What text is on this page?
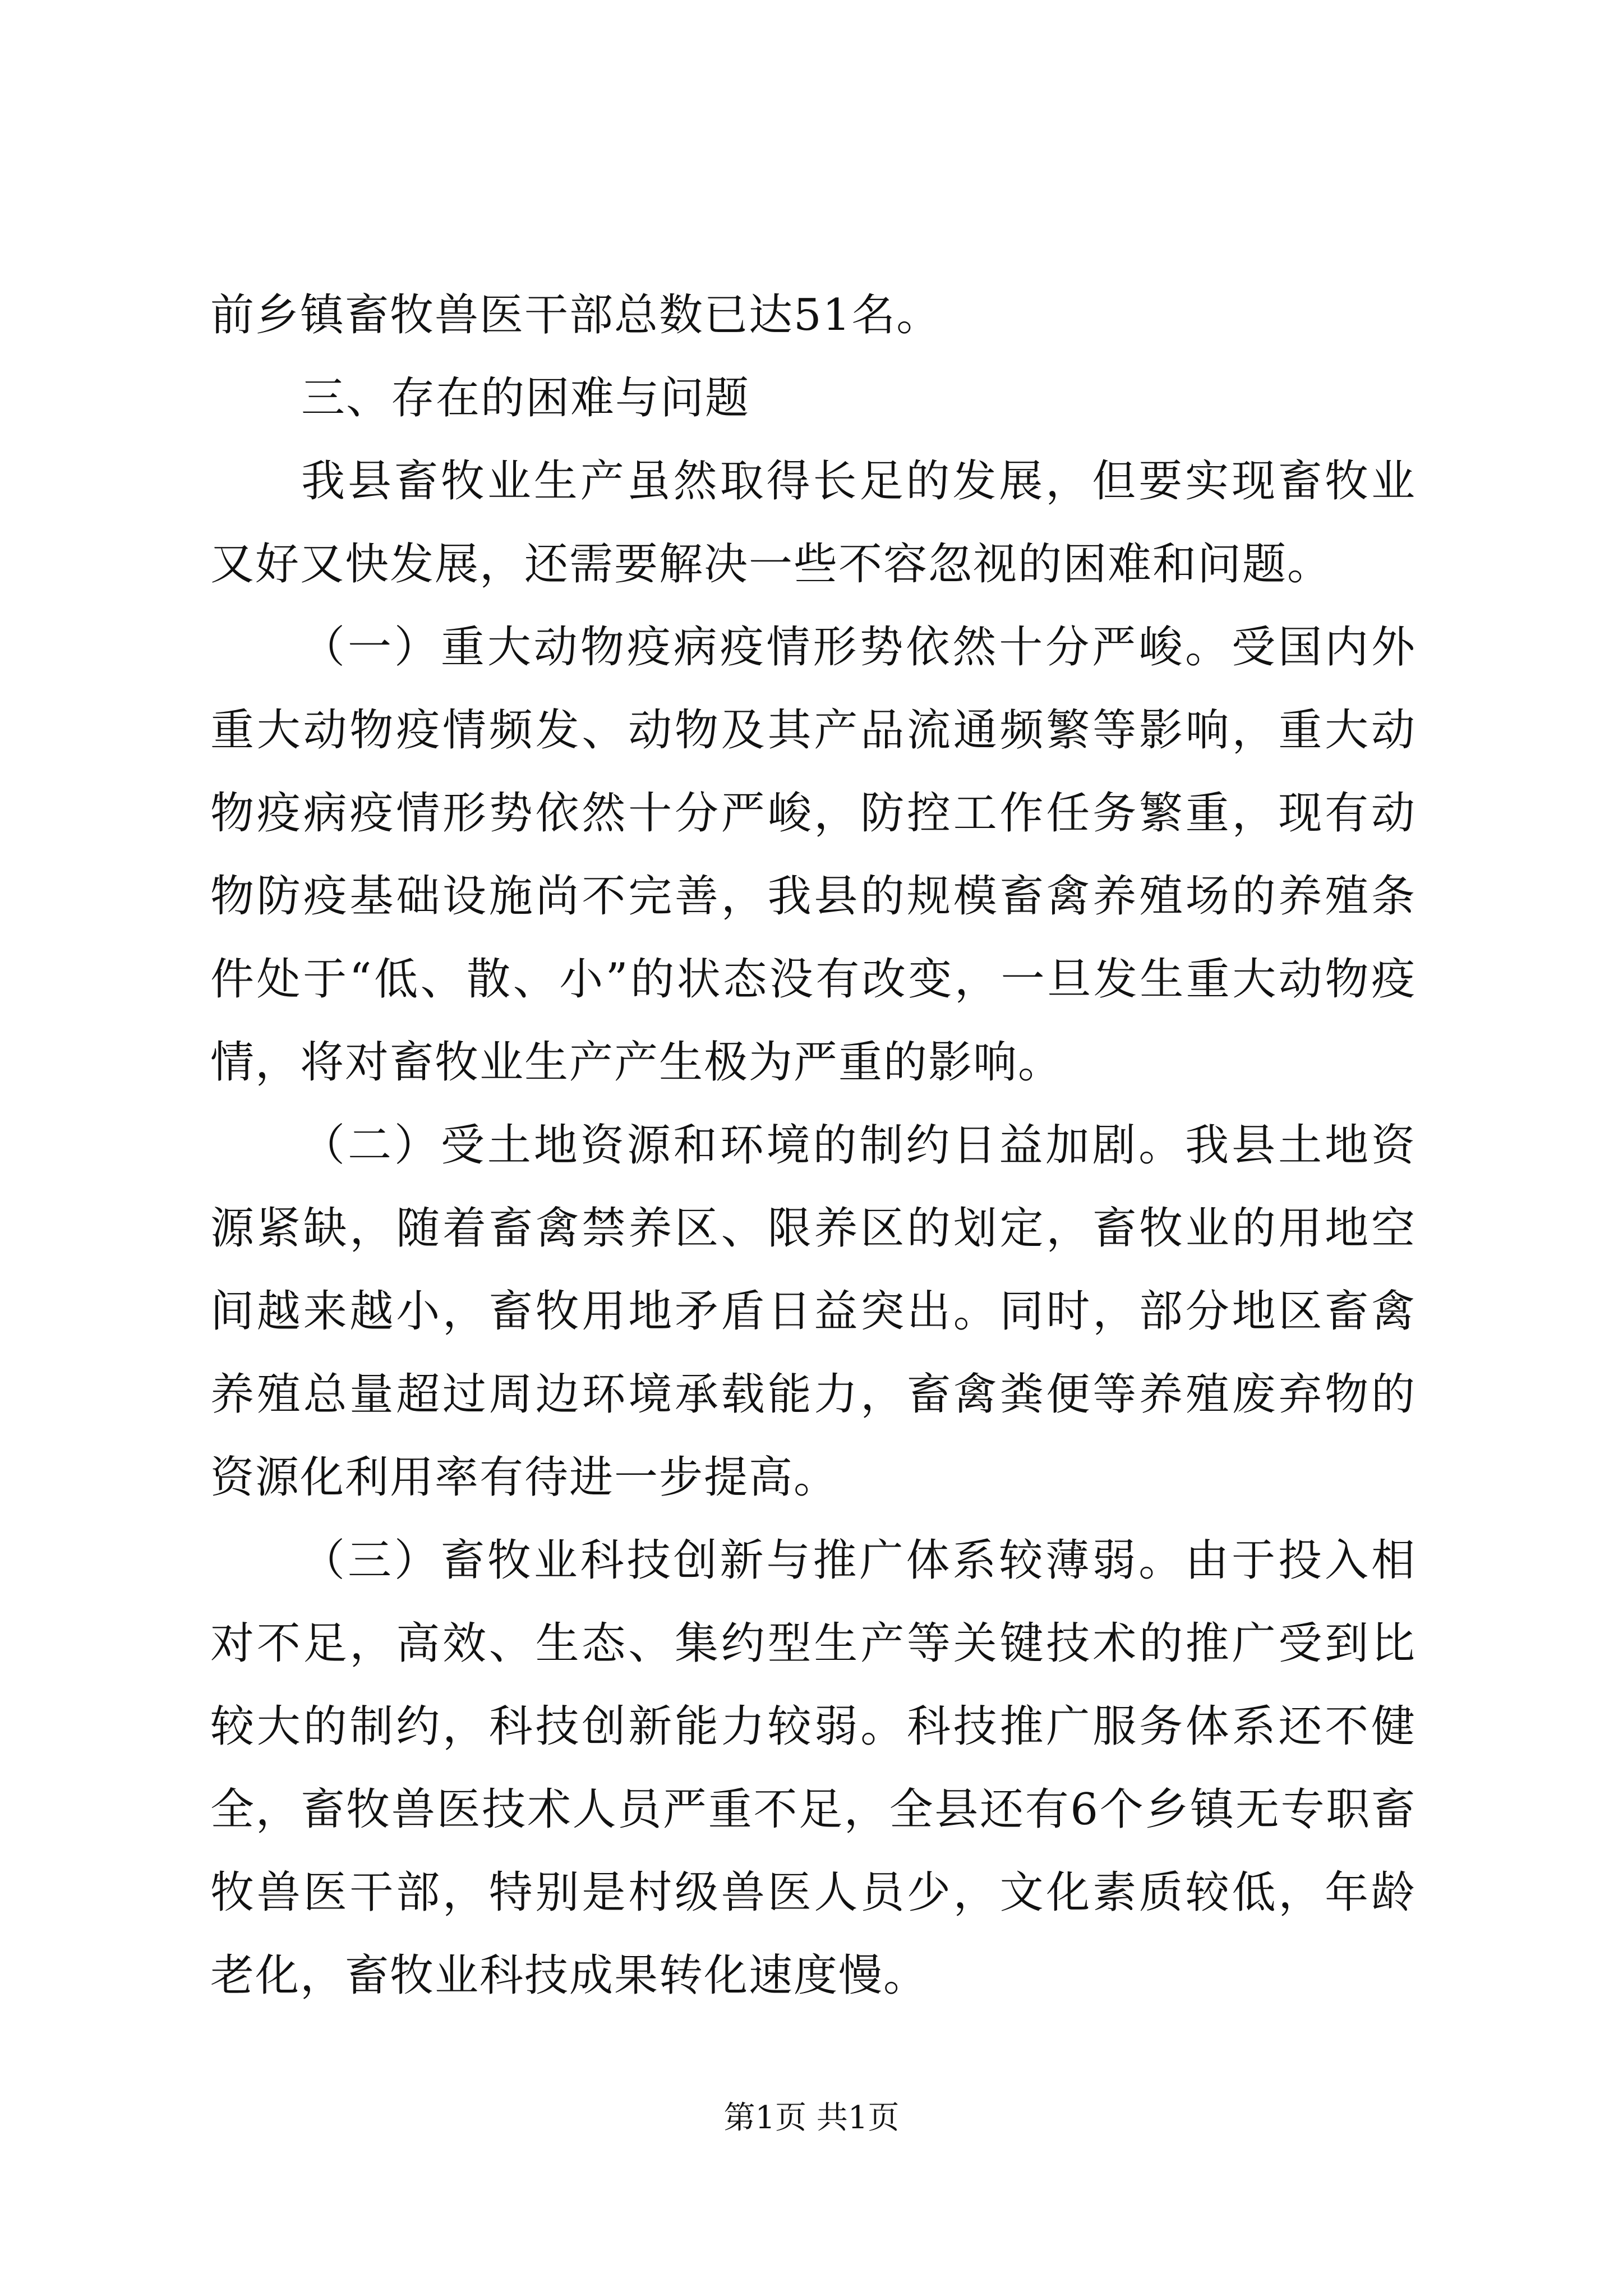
前乡镇畜牧兽医干部总数已达51名。

三、存在的困难与问题

我县畜牧业生产虽然取得长足的发展，但要实现畜牧业又好又快发展，还需要解决一些不容忽视的困难和问题。

（一）重大动物疫病疫情形势依然十分严峻。受国内外重大动物疫情频发、动物及其产品流通频繁等影响，重大动物疫病疫情形势依然十分严峻，防控工作任务繁重，现有动物防疫基础设施尚不完善，我县的规模畜禽养殖场的养殖条件处于“低、散、小”的状态没有改变，一旦发生重大动物疫情，将对畜牧业生产产生极为严重的影响。

（二）受土地资源和环境的制约日益加剧。我县土地资源紧缺，随着畜禽禁养区、限养区的划定，畜牧业的用地空间越来越小，畜牧用地矛盾日益突出。同时，部分地区畜禽养殖总量超过周边环境承载能力，畜禽粪便等养殖废弃物的资源化利用率有待进一步提高。

（三）畜牧业科技创新与推广体系较薄弱。由于投入相对不足，高效、生态、集约型生产等关键技术的推广受到比较大的制约，科技创新能力较弱。科技推广服务体系还不健全，畜牧兽医技术人员严重不足，全县还有6个乡镇无专职畜牧兽医干部，特别是村级兽医人员少，文化素质较低，年龄老化，畜牧业科技成果转化速度慢。

第1页 共1页
